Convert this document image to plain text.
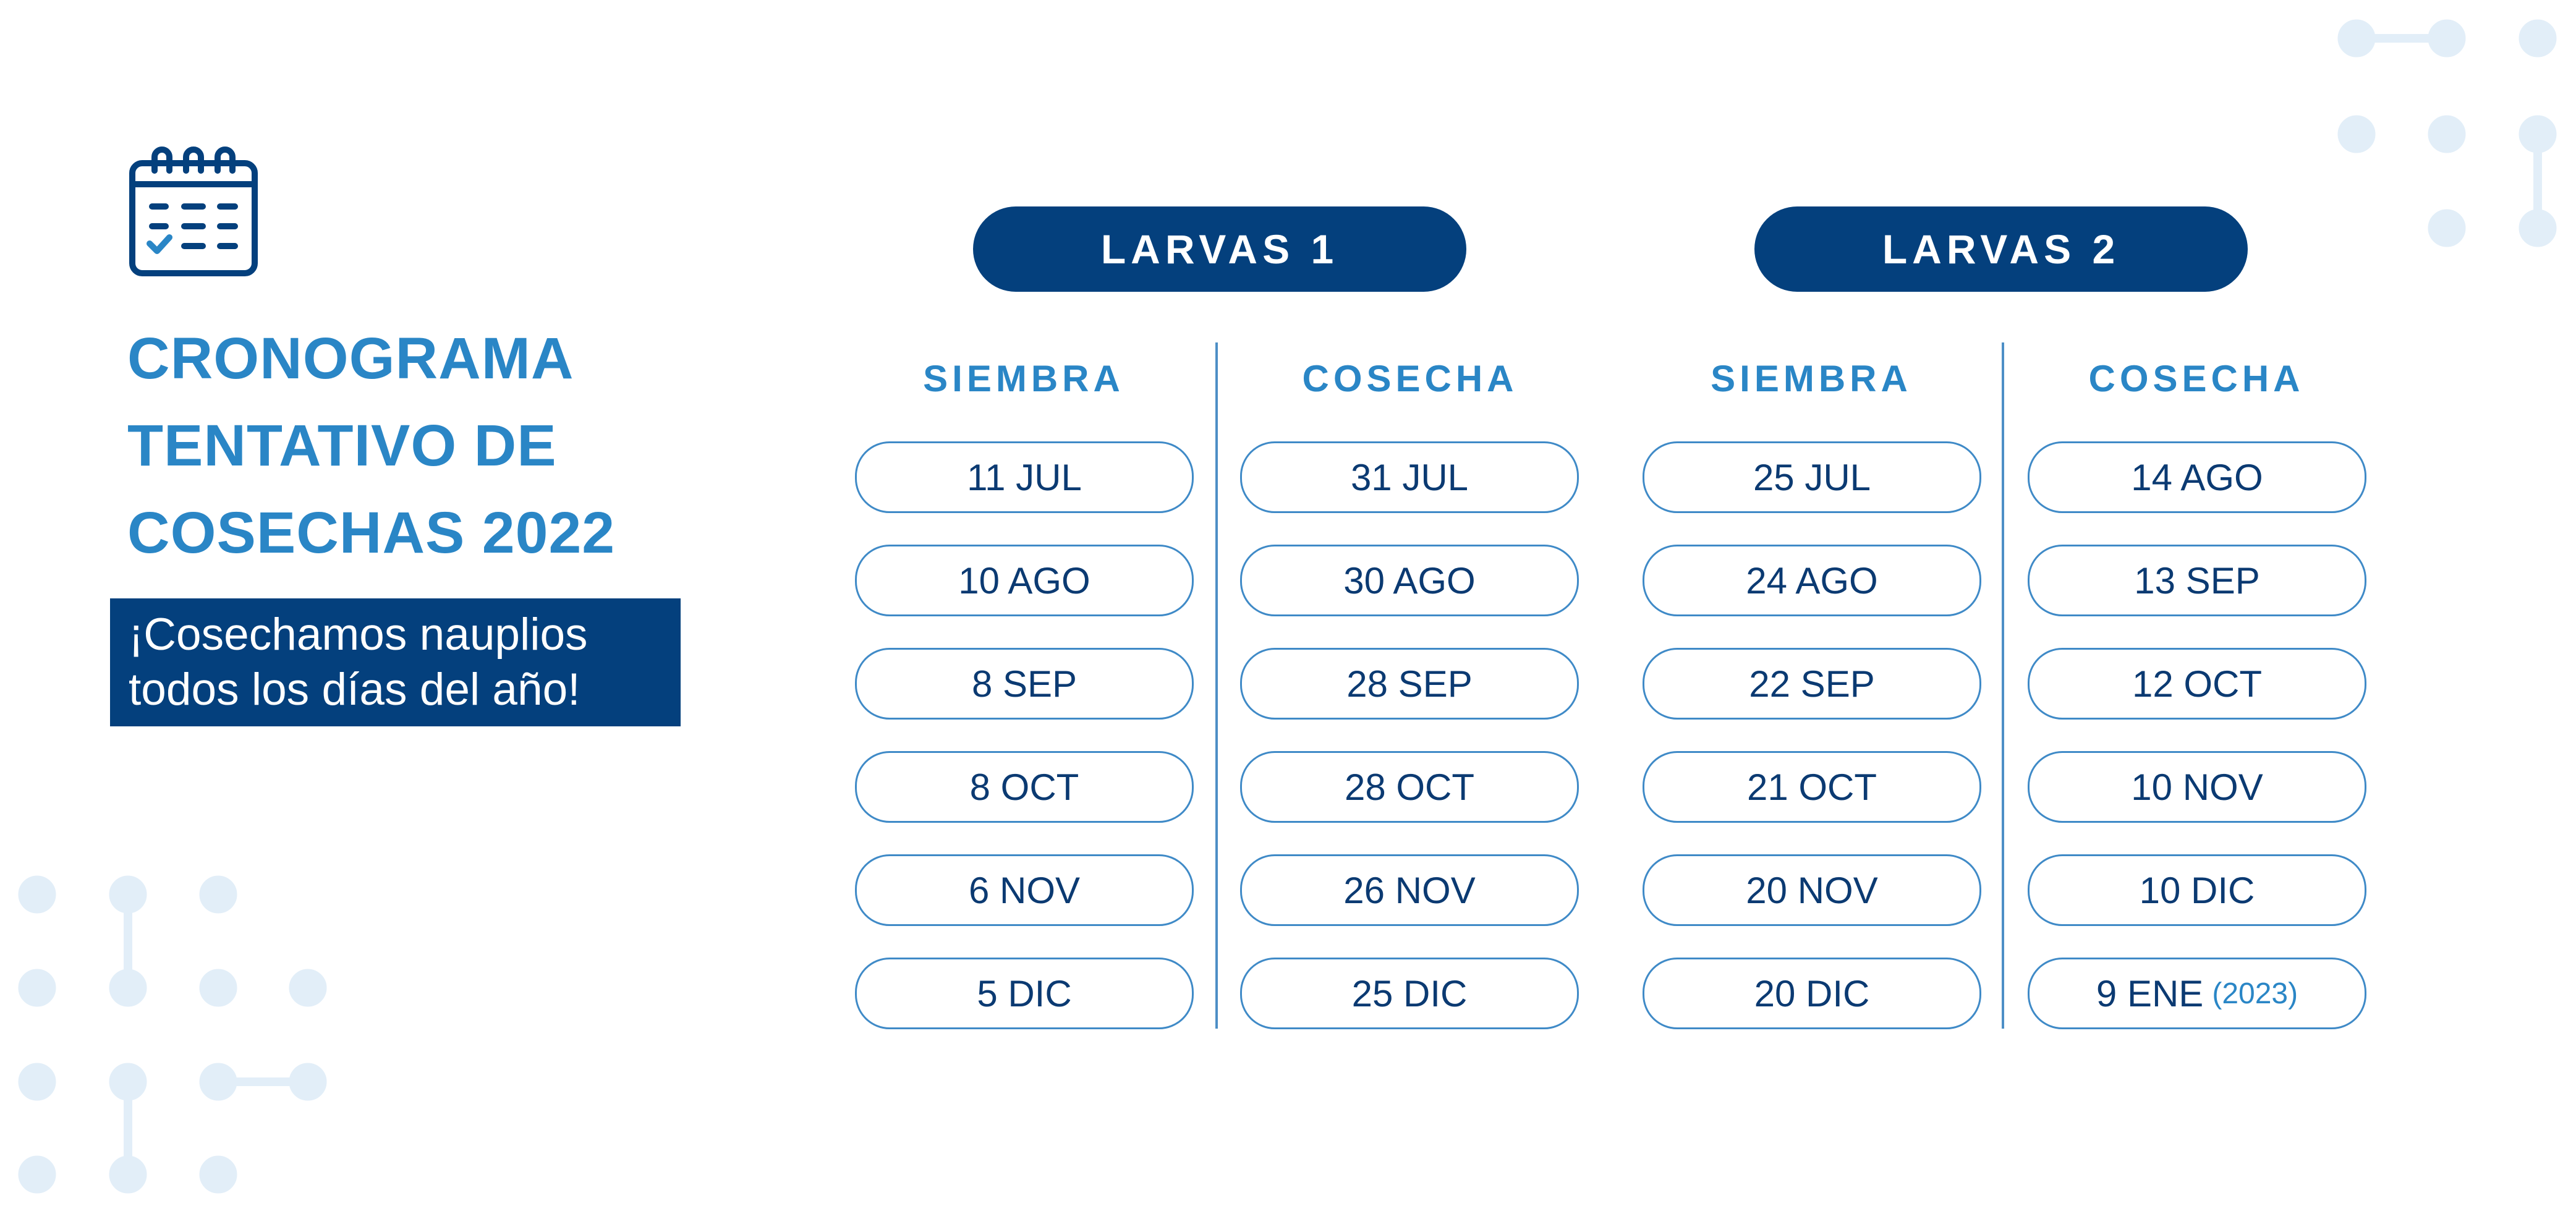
CRONOGRAMA
TENTATIVO DE
COSECHAS 2022
¡Cosechamos nauplios
todos los días del año!
LARVAS 1
SIEMBRA	COSECHA
LARVAS 2
SIEMBRA	COSECHA
11 JUL
10 AGO
8 SEP
8 OCT
6 NOV
5 DIC
31 JUL
30 AGO
28 SEP
28 OCT
26 NOV
25 DIC
25 JUL
24 AGO
22 SEP
21 OCT
20 NOV
20 DIC
14 AGO
13 SEP
12 OCT
10 NOV
10 DIC
9 ENE (2023)
